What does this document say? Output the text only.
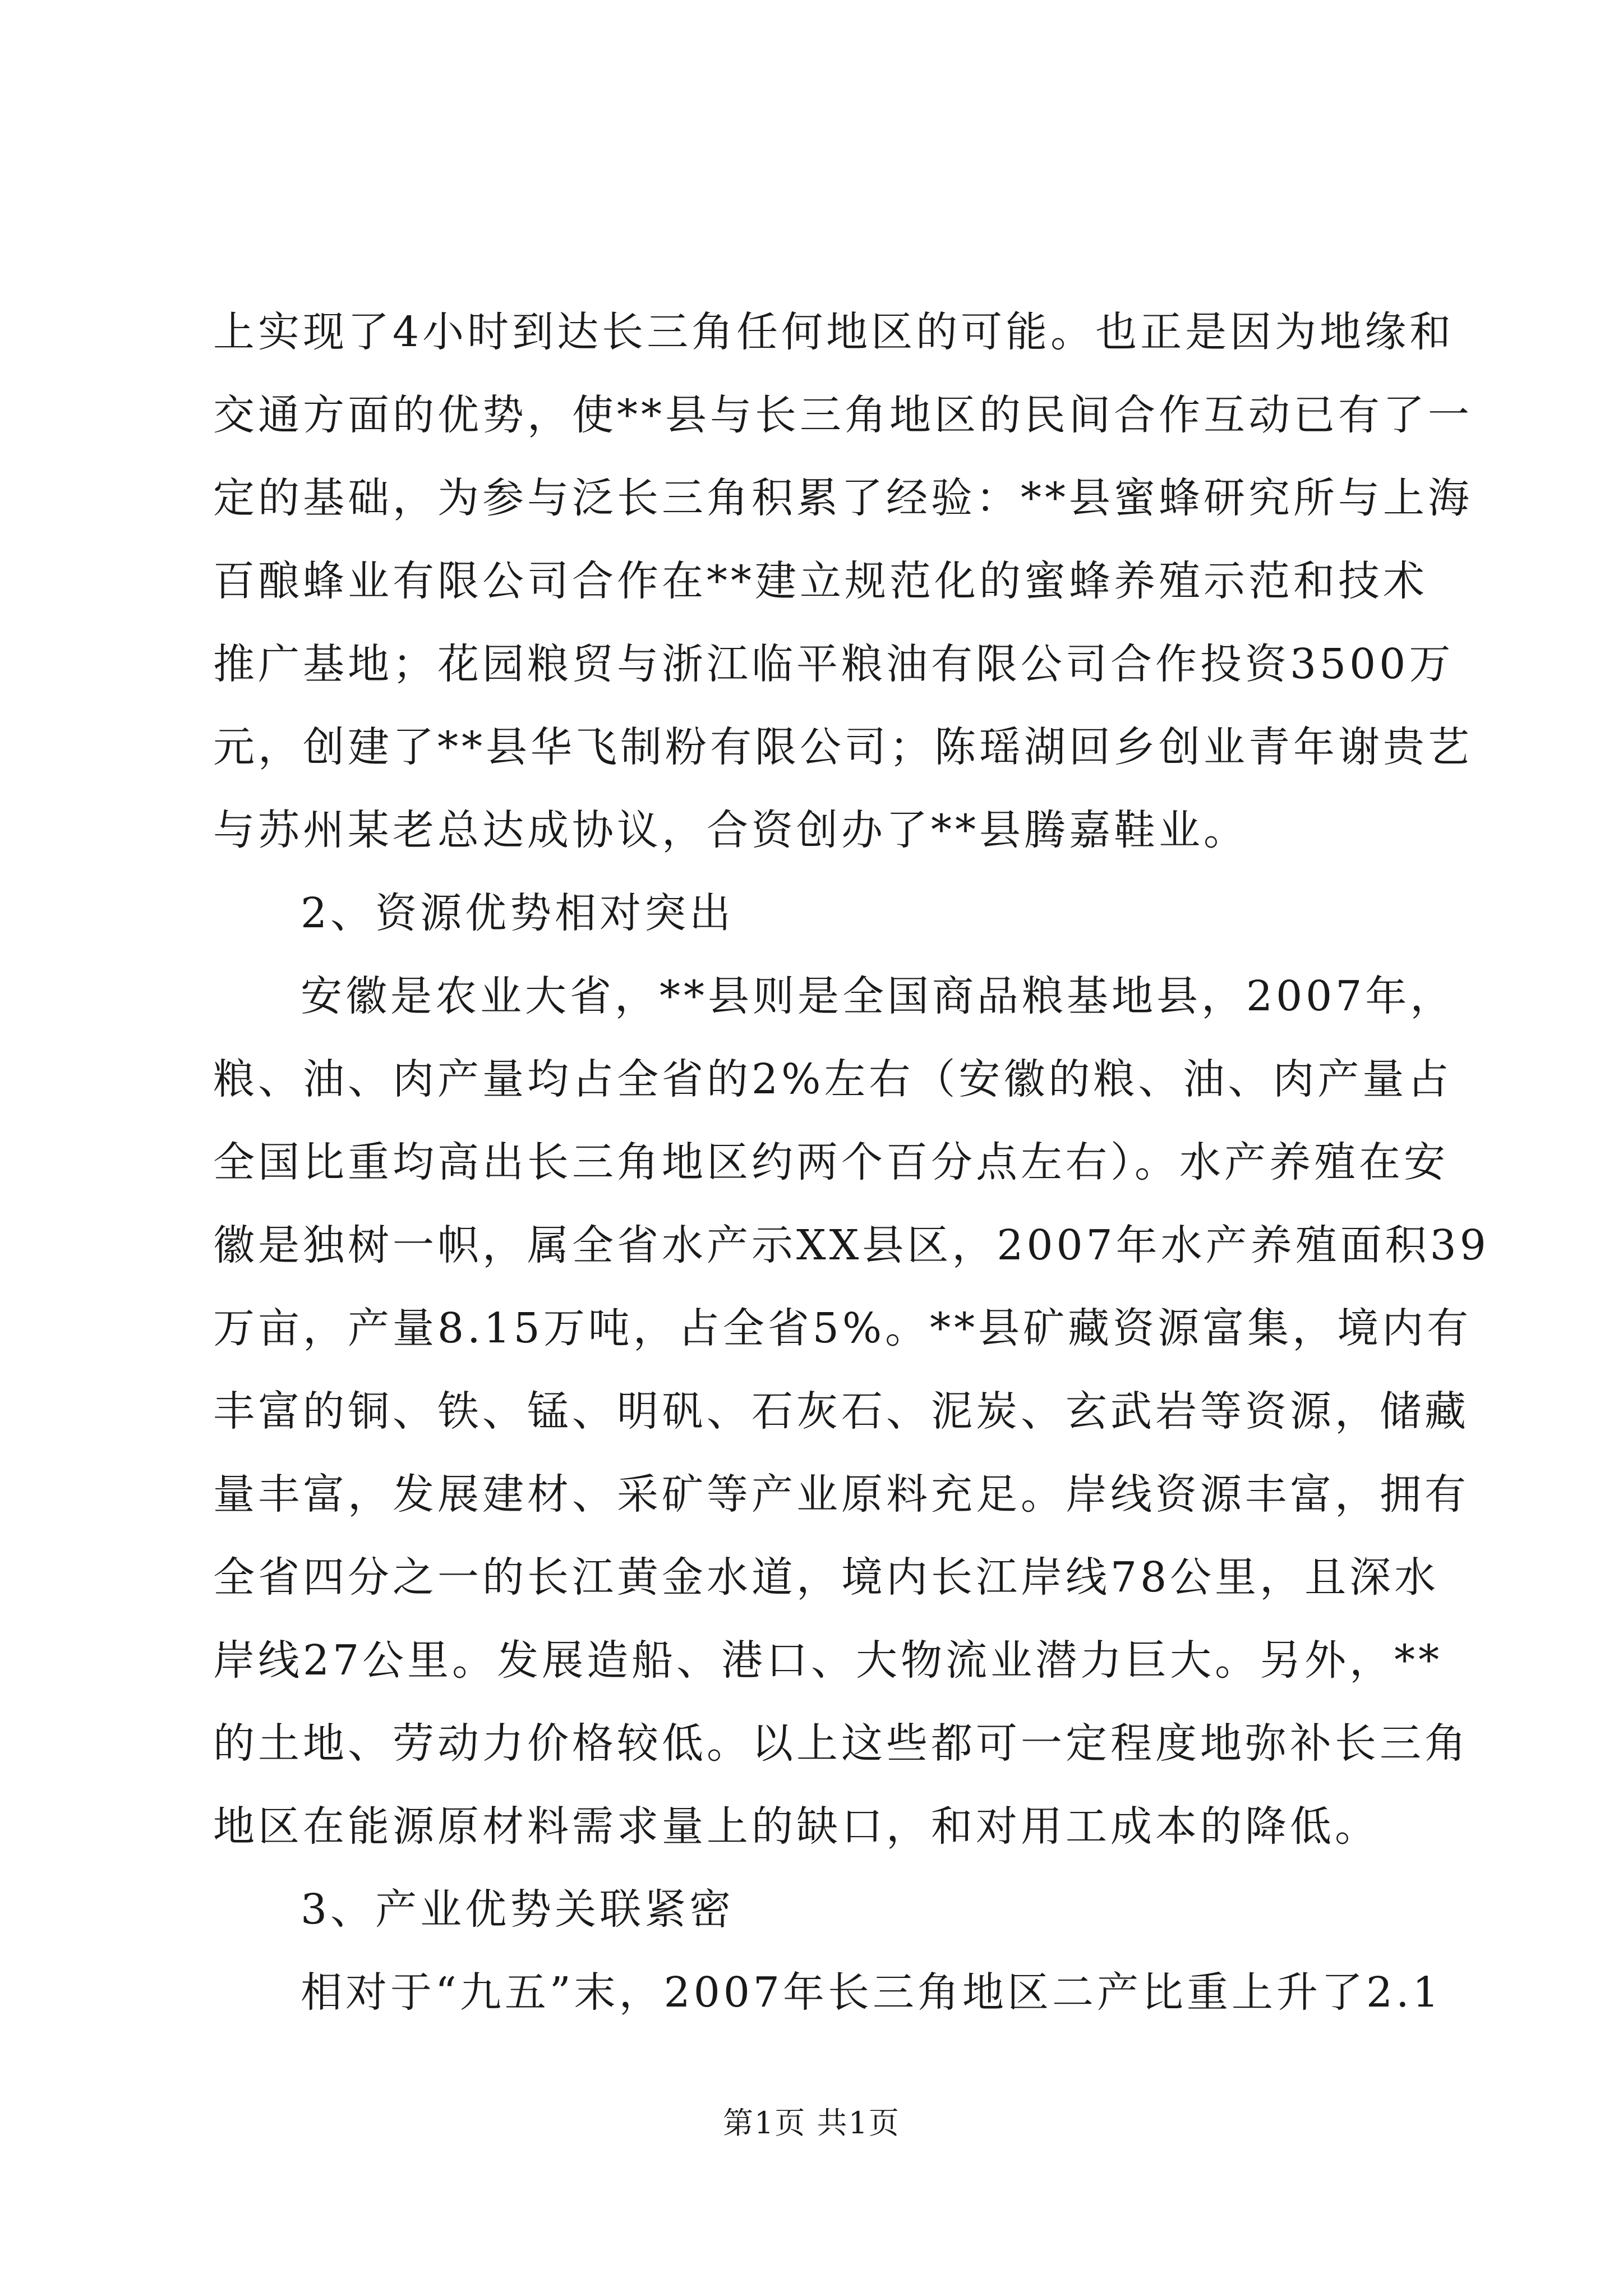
上实现了4小时到达长三角任何地区的可能。也正是因为地缘和
交通方面的优势，使**县与长三角地区的民间合作互动已有了一
定的基础，为参与泛长三角积累了经验：**县蜜蜂研究所与上海
百酿蜂业有限公司合作在**建立规范化的蜜蜂养殖示范和技术
推广基地；花园粮贸与浙江临平粮油有限公司合作投资3500万
元，创建了**县华飞制粉有限公司；陈瑶湖回乡创业青年谢贵艺
与苏州某老总达成协议，合资创办了**县腾嘉鞋业。
2、资源优势相对突出
安徽是农业大省，**县则是全国商品粮基地县，2007年，
粮、油、肉产量均占全省的2%左右（安徽的粮、油、肉产量占
全国比重均高出长三角地区约两个百分点左右）。水产养殖在安
徽是独树一帜，属全省水产示XX县区，2007年水产养殖面积39
万亩，产量8.15万吨，占全省5%。**县矿藏资源富集，境内有
丰富的铜、铁、锰、明矾、石灰石、泥炭、玄武岩等资源，储藏
量丰富，发展建材、采矿等产业原料充足。岸线资源丰富，拥有
全省四分之一的长江黄金水道，境内长江岸线78公里，且深水
岸线27公里。发展造船、港口、大物流业潜力巨大。另外，**
的土地、劳动力价格较低。以上这些都可一定程度地弥补长三角
地区在能源原材料需求量上的缺口，和对用工成本的降低。
3、产业优势关联紧密
相对于“九五”末，2007年长三角地区二产比重上升了2.1
第1页 共1页
